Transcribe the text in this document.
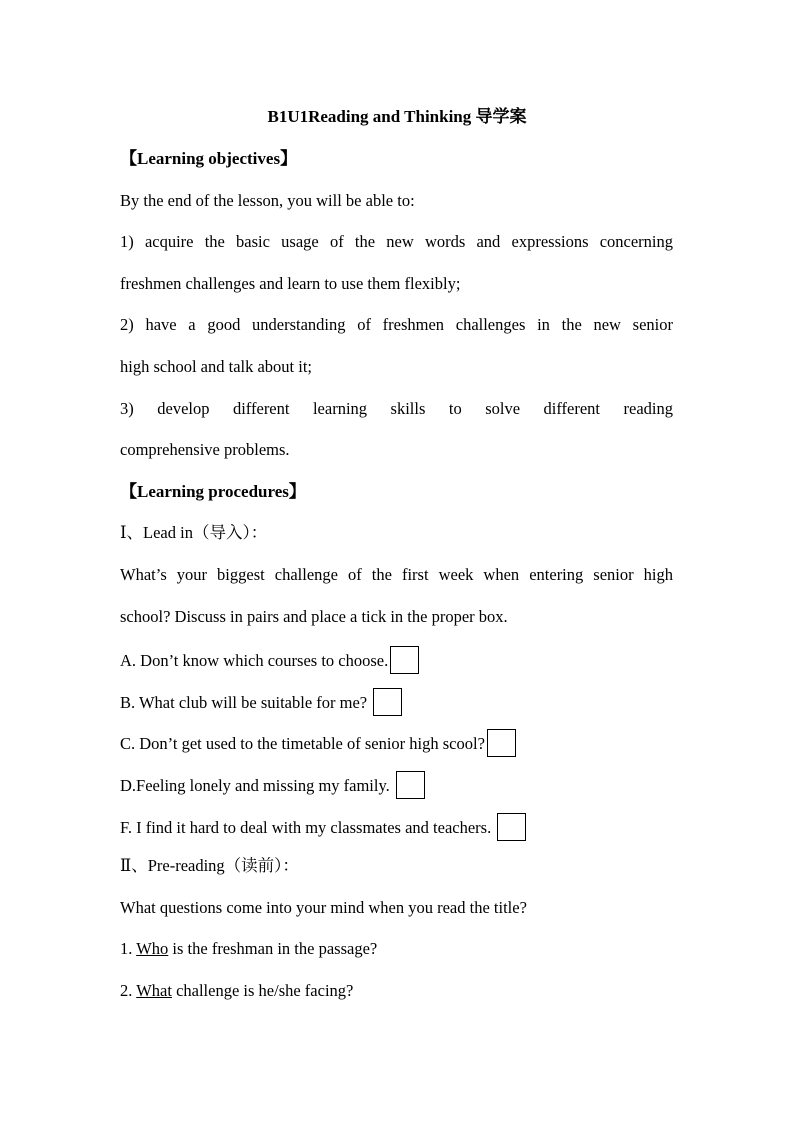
B1U1Reading and Thinking 导学案
【Learning objectives】
By the end of the lesson, you will be able to:
1) acquire the basic usage of the new words and expressions concerning
freshmen challenges and learn to use them flexibly;
2) have a good understanding of freshmen challenges in the new senior
high school and talk about it;
3) develop different learning skills to solve different reading
comprehensive problems.
【Learning procedures】
Ⅰ、Lead in（导入）：
What’s your biggest challenge of the first week when entering senior high
school? Discuss in pairs and place a tick in the proper box.
A. Don’t know which courses to choose.
B. What club will be suitable for me?
C. Don’t get used to the timetable of senior high scool?
D.Feeling lonely and missing my family.
F. I find it hard to deal with my classmates and teachers.
Ⅱ、Pre-reading（读前）：
What questions come into your mind when you read the title?
1. Who is the freshman in the passage?
2. What challenge is he/she facing?
